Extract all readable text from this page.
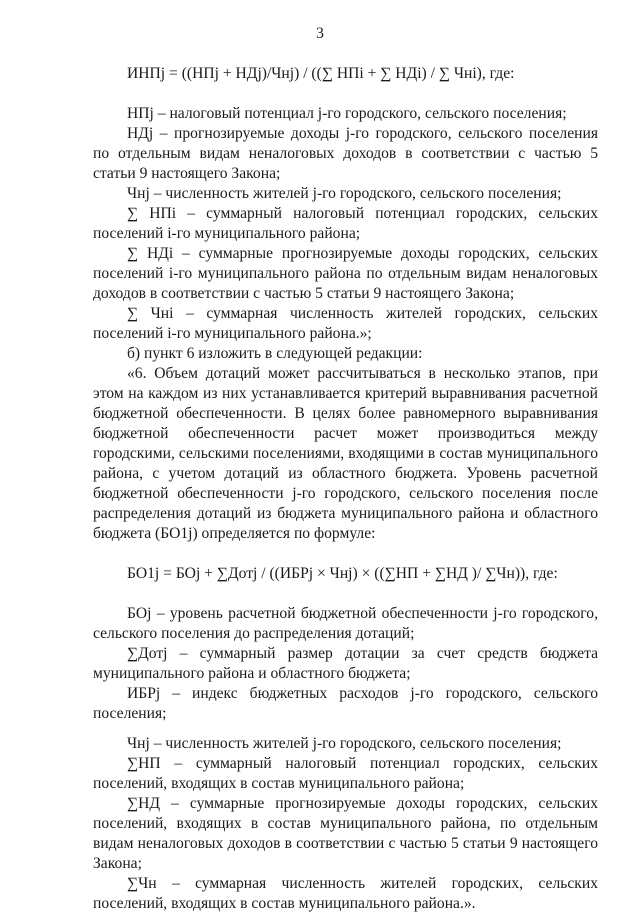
3

ИНПj = ((НПj + НДj)/Чнj) / ((∑ НПi + ∑ НДi) / ∑ Чнi), где:

НПj – налоговый потенциал j-го городского, сельского поселения;

НДj – прогнозируемые доходы j-го городского, сельского поселения по отдельным видам неналоговых доходов в соответствии с частью 5 статьи 9 настоящего Закона;

Чнj – численность жителей j-го городского, сельского поселения;

∑ НПi – суммарный налоговый потенциал городских, сельских поселений i-го муниципального района;

∑ НДi – суммарные прогнозируемые доходы городских, сельских поселений i-го муниципального района по отдельным видам неналоговых доходов в соответствии с частью 5 статьи 9 настоящего Закона;

∑ Чнi – суммарная численность жителей городских, сельских поселений i-го муниципального района.»;

б) пункт 6 изложить в следующей редакции:

«6. Объем дотаций может рассчитываться в несколько этапов, при этом на каждом из них устанавливается критерий выравнивания расчетной бюджетной обеспеченности. В целях более равномерного выравнивания бюджетной обеспеченности расчет может производиться между городскими, сельскими поселениями, входящими в состав муниципального района, с учетом дотаций из областного бюджета. Уровень расчетной бюджетной обеспеченности j-го городского, сельского поселения после распределения дотаций из бюджета муниципального района и областного бюджета (БО1j) определяется по формуле:

БО1j = БОj + ∑Дотj / ((ИБРj × Чнj) × ((∑НП + ∑НД )/ ∑Чн)), где:

БОj – уровень расчетной бюджетной обеспеченности j-го городского, сельского поселения до распределения дотаций;

∑Дотj – суммарный размер дотации за счет средств бюджета муниципального района и областного бюджета;

ИБРj – индекс бюджетных расходов j-го городского, сельского поселения;

Чнj – численность жителей j-го городского, сельского поселения;

∑НП – суммарный налоговый потенциал городских, сельских поселений, входящих в состав муниципального района;

∑НД – суммарные прогнозируемые доходы городских, сельских поселений, входящих в состав муниципального района, по отдельным видам неналоговых доходов в соответствии с частью 5 статьи 9 настоящего Закона;

∑Чн – суммарная численность жителей городских, сельских поселений, входящих в состав муниципального района.».
